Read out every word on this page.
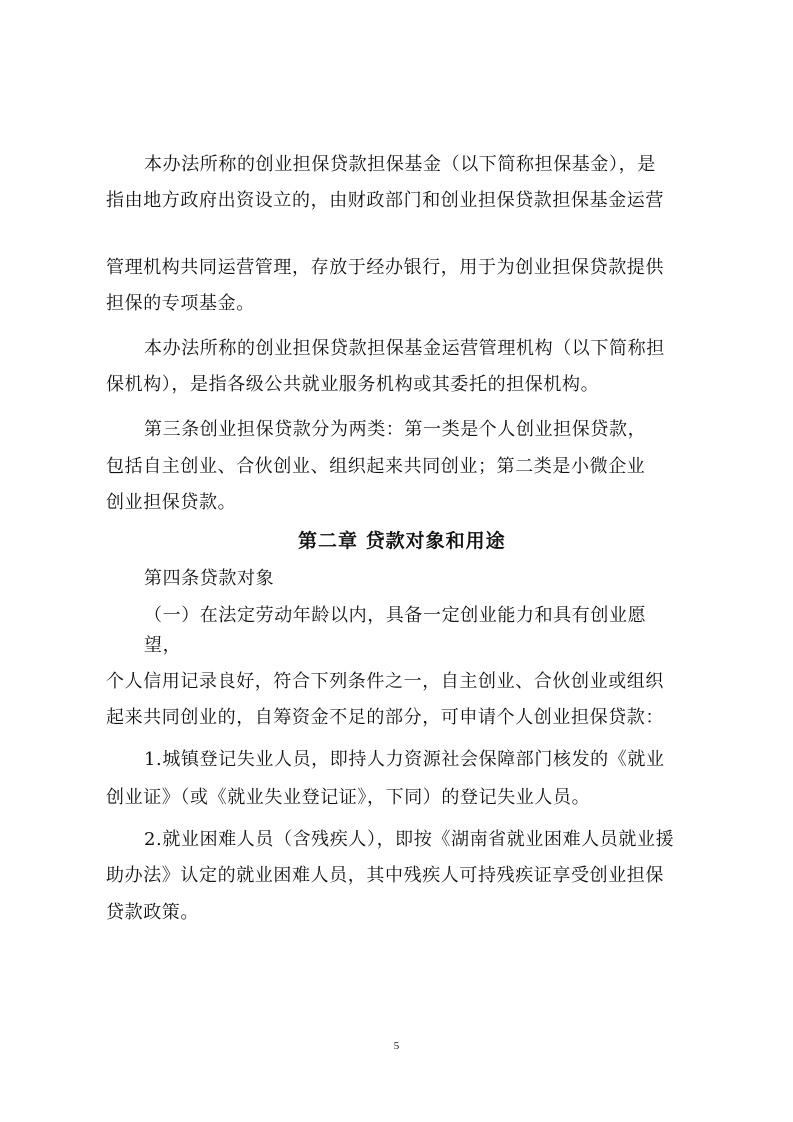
本办法所称的创业担保贷款担保基金（以下简称担保基金），是

指由地方政府出资设立的，由财政部门和创业担保贷款担保基金运营

管理机构共同运营管理，存放于经办银行，用于为创业担保贷款提供

担保的专项基金。

本办法所称的创业担保贷款担保基金运营管理机构（以下简称担

保机构），是指各级公共就业服务机构或其委托的担保机构。

第三条创业担保贷款分为两类：第一类是个人创业担保贷款，

包括自主创业、合伙创业、组织起来共同创业；第二类是小微企业

创业担保贷款。

第二章 贷款对象和用途

第四条贷款对象

（一）在法定劳动年龄以内，具备一定创业能力和具有创业愿

望，

个人信用记录良好，符合下列条件之一，自主创业、合伙创业或组织

起来共同创业的，自筹资金不足的部分，可申请个人创业担保贷款：

1.城镇登记失业人员，即持人力资源社会保障部门核发的《就业

创业证》（或《就业失业登记证》，下同）的登记失业人员。

2.就业困难人员（含残疾人），即按《湖南省就业困难人员就业援

助办法》认定的就业困难人员，其中残疾人可持残疾证享受创业担保

贷款政策。

5
